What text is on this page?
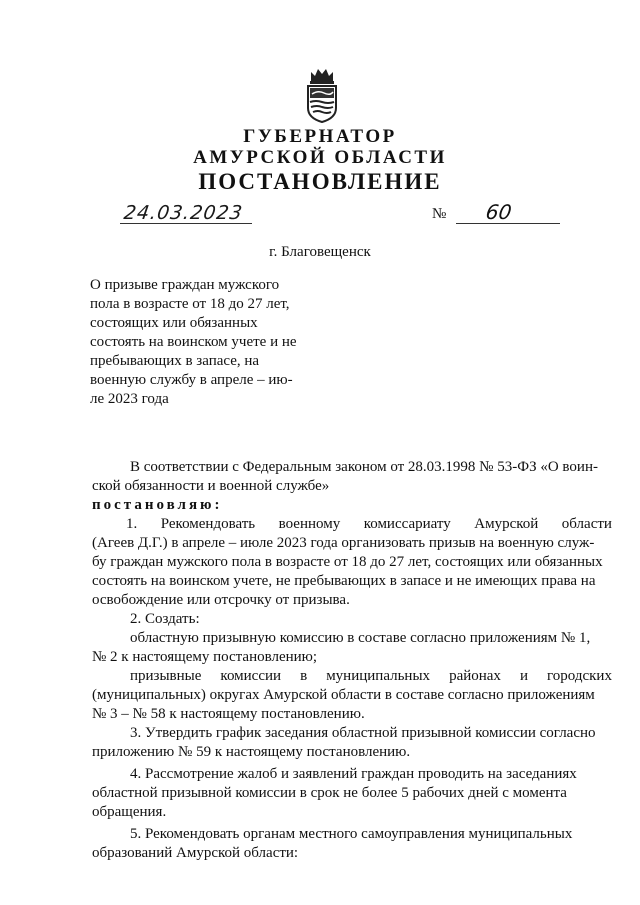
ГУБЕРНАТОР
АМУРСКОЙ ОБЛАСТИ
ПОСТАНОВЛЕНИЕ
24.03.2023	№ 60
г. Благовещенск
О призыве граждан мужского
пола в возрасте от 18 до 27 лет,
состоящих или обязанных
состоять на воинском учете и не
пребывающих в запасе, на
военную службу в апреле – ию-
ле 2023 года
В соответствии с Федеральным законом от 28.03.1998 № 53-ФЗ «О воин-
ской обязанности и военной службе»
постановляю:
1. Рекомендовать военному комиссариату Амурской области
(Агеев Д.Г.) в апреле – июле 2023 года организовать призыв на военную служ-
бу граждан мужского пола в возрасте от 18 до 27 лет, состоящих или обязанных
состоять на воинском учете, не пребывающих в запасе и не имеющих права на
освобождение или отсрочку от призыва.
2. Создать:
областную призывную комиссию в составе согласно приложениям № 1,
№ 2 к настоящему постановлению;
призывные комиссии в муниципальных районах и городских
(муниципальных) округах Амурской области в составе согласно приложениям
№ 3 – № 58 к настоящему постановлению.
3. Утвердить график заседания областной призывной комиссии согласно
приложению № 59 к настоящему постановлению.
4. Рассмотрение жалоб и заявлений граждан проводить на заседаниях
областной призывной комиссии в срок не более 5 рабочих дней с момента
обращения.
5. Рекомендовать органам местного самоуправления муниципальных
образований Амурской области:
